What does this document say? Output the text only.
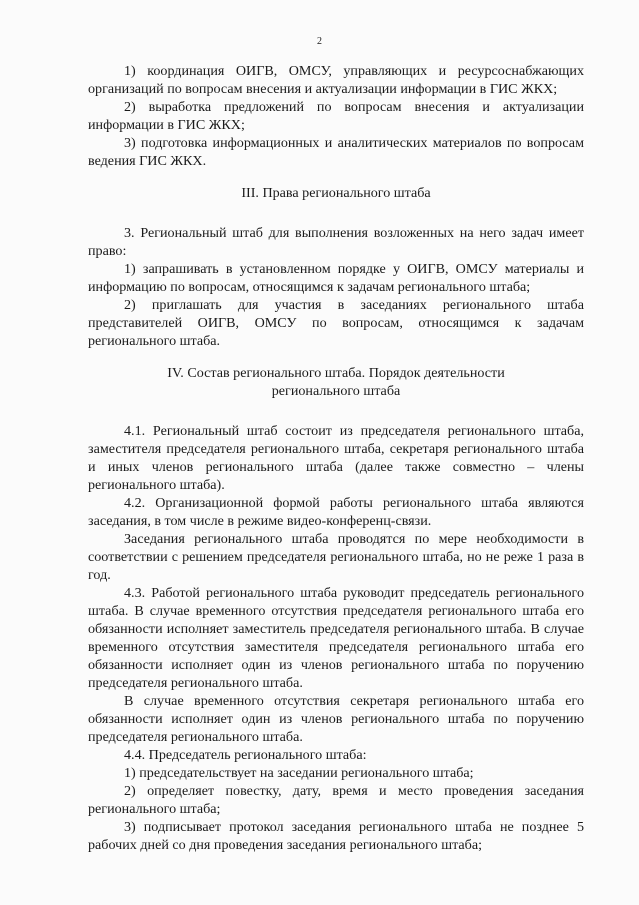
2

1) координация ОИГВ, ОМСУ, управляющих и ресурсоснабжающих организаций по вопросам внесения и актуализации информации в ГИС ЖКХ;

2) выработка предложений по вопросам внесения и актуализации информации в ГИС ЖКХ;

3) подготовка информационных и аналитических материалов по вопросам ведения ГИС ЖКХ.

III. Права регионального штаба

3. Региональный штаб для выполнения возложенных на него задач имеет право:

1) запрашивать в установленном порядке у ОИГВ, ОМСУ материалы и информацию по вопросам, относящимся к задачам регионального штаба;

2) приглашать для участия в заседаниях регионального штаба представителей ОИГВ, ОМСУ по вопросам, относящимся к задачам регионального штаба.

IV. Состав регионального штаба. Порядок деятельности

регионального штаба

4.1. Региональный штаб состоит из председателя регионального штаба, заместителя председателя регионального штаба, секретаря регионального штаба и иных членов регионального штаба (далее также совместно – члены регионального штаба).

4.2. Организационной формой работы регионального штаба являются заседания, в том числе в режиме видео-конференц-связи.

Заседания регионального штаба проводятся по мере необходимости в соответствии с решением председателя регионального штаба, но не реже 1 раза в год.

4.3. Работой регионального штаба руководит председатель регионального штаба. В случае временного отсутствия председателя регионального штаба его обязанности исполняет заместитель председателя регионального штаба. В случае временного отсутствия заместителя председателя регионального штаба его обязанности исполняет один из членов регионального штаба по поручению председателя регионального штаба.

В случае временного отсутствия секретаря регионального штаба его обязанности исполняет один из членов регионального штаба по поручению председателя регионального штаба.

4.4. Председатель регионального штаба:

1) председательствует на заседании регионального штаба;

2) определяет повестку, дату, время и место проведения заседания регионального штаба;

3) подписывает протокол заседания регионального штаба не позднее 5 рабочих дней со дня проведения заседания регионального штаба;
